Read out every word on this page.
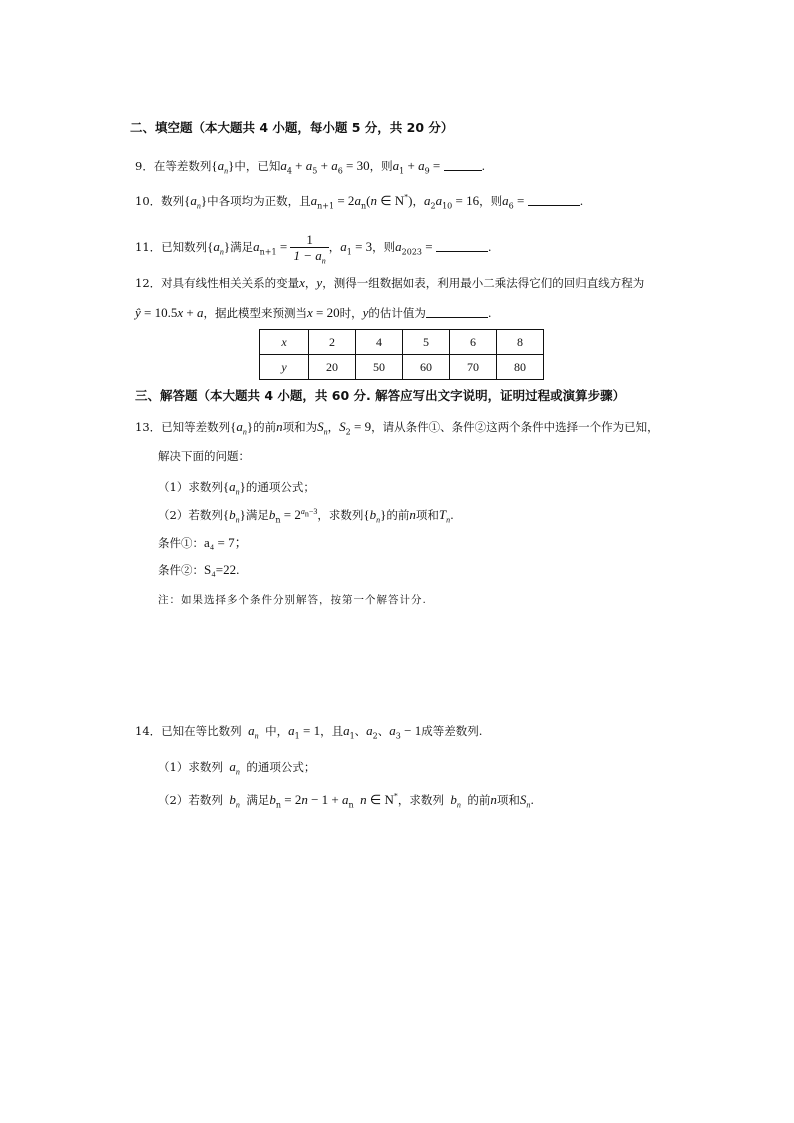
二、填空题（本大题共 4 小题，每小题 5 分，共 20 分）
9．在等差数列$\{a_n\}$中，已知$a_4 + a_5 + a_6 = 30$，则$a_1 + a_9$ =	.
10．数列$\{a_n\}$中各项均为正数，且$a_{n+1} = 2a_n(n$ ∈ N*)，$a_2a_{10} = 16$，则$a_6$ =	.
11．已知数列$\{a_n\}$满足$a_{n+1} = \frac{1}{1 - a_n}$ ，$a_1 = 3$，则$a_{2023}$ =	.
12．对具有线性相关关系的变量x，y，测得一组数据如表，利用最小二乘法得它们的回归直线方程为
ŷ = 10.5x + a，据此模型来预测当x = 20时，y的估计值为	.
x	2	4	5	6	8
y	20	50	60	70	80
三、解答题（本大题共 4 小题，共 60 分. 解答应写出文字说明，证明过程或演算步骤）
13．已知等差数列$\{a_n\}$的前n项和为$S_n$，$S_2 = 9$，请从条件①、条件②这两个条件中选择一个作为已知，
解决下面的问题：
（1）求数列$\{a_n\}$的通项公式；
（2）若数列$\{b_n\}$满足$b_n = 2^{a_n-3}$，求数列$\{b_n\}$的前n项和$T_n$.
条件①：a₄ = 7；
条件②：S₄=22.
注：如果选择多个条件分别解答，按第一个解答计分.
14．已知在等比数列 $a_n$ 中，$a_1 = 1$，且$a_1$、$a_2$、$a_3 - 1$成等差数列.
（1）求数列 $a_n$ 的通项公式；
（2）若数列 $b_n$ 满足$b_n = 2n - 1 + a_n$ n ∈ N*，求数列 $b_n$ 的前n项和$S_n$.
